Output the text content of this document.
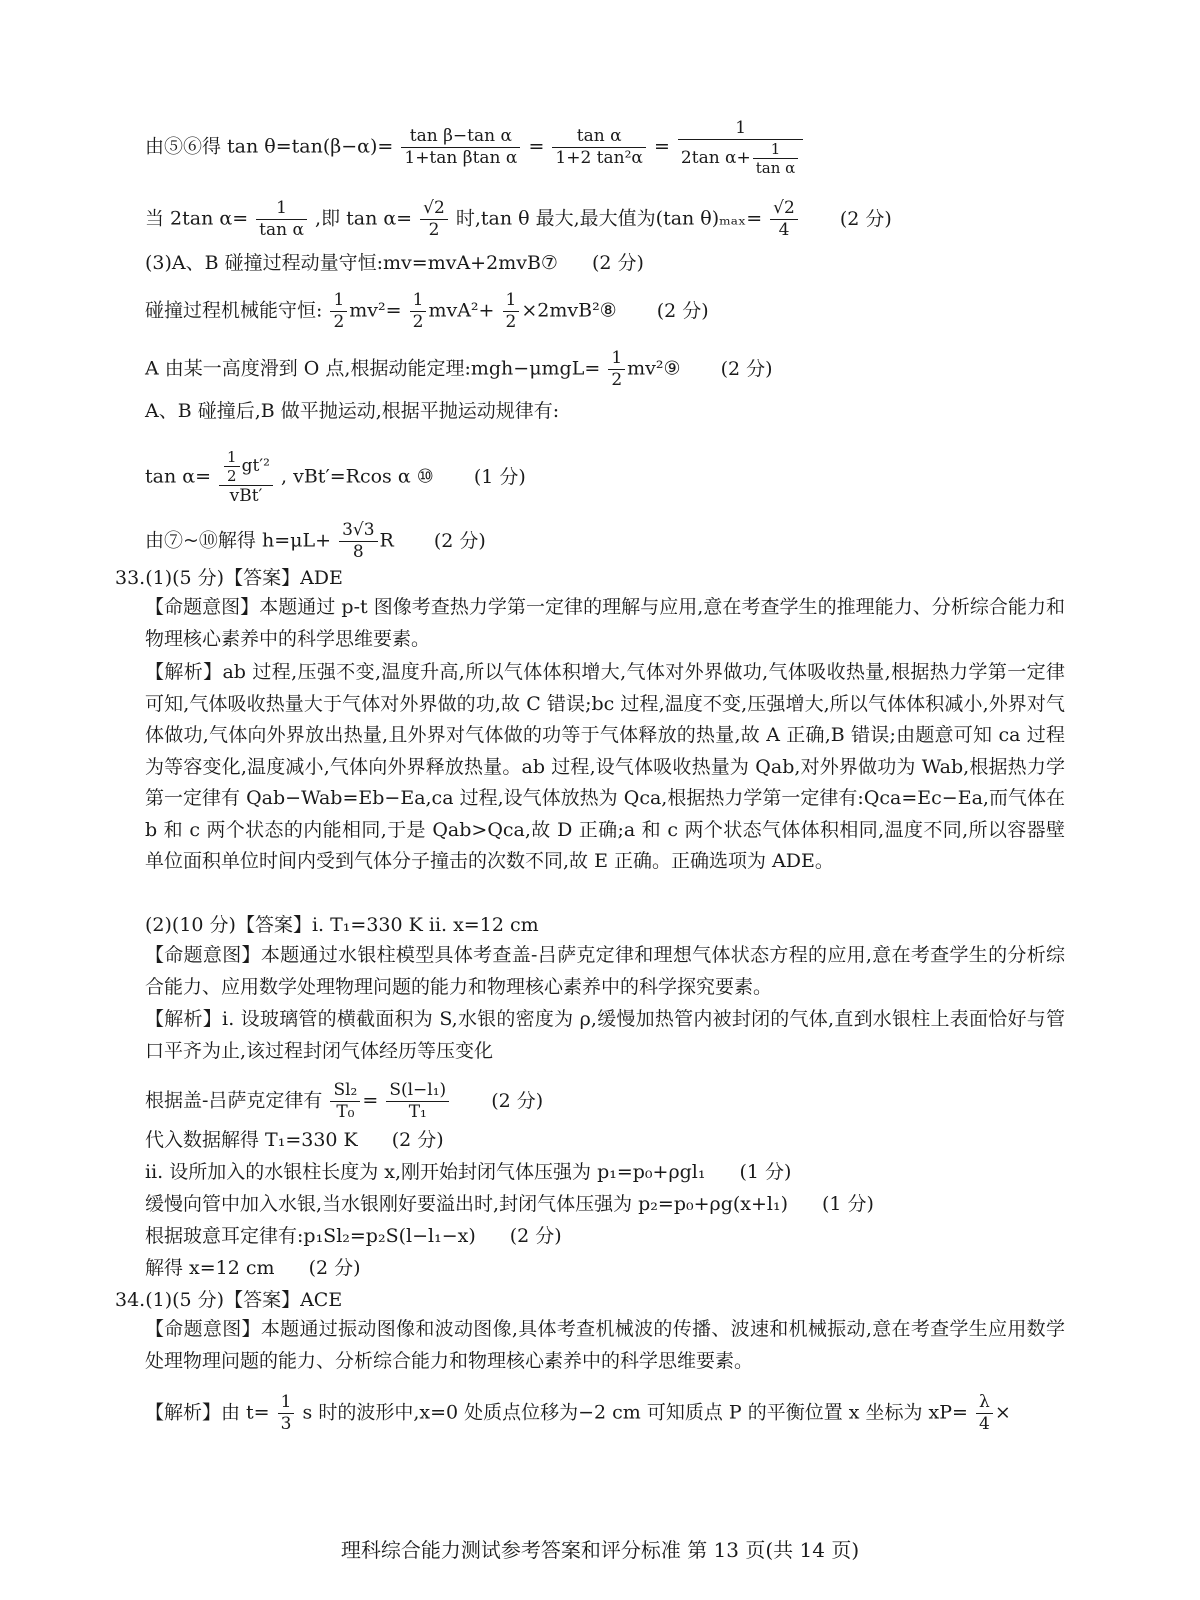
由⑤⑥得 $\tan \theta=\tan(\beta-\alpha)= \frac{\text{tan β−tan α}}{\text{1+tan βtan α}} = \frac{\text{tan α}}{\text{1+2 tan²α}} = \frac{1}{2\tan \alpha+ \frac{1}{\text{tan α}}}$
当 2tan $\alpha= \frac{1}{\text{tan α}}$ ,即 $\tan \alpha= \frac{√2}{2}$ 时,tan θ 最大,最大值为(tan $\theta)_{max}= \frac{√2}{4} (2$ 分)
(3)A、B 碰撞过程动量守恒:mv=mvA+2mvB⑦ (2 分)
碰撞过程机械能守恒: $\frac{1}{2} mv^2= \frac{1}{2} mvA^2+ \frac{1}{2}$ ×2mvB²⑧ (2 分)
A 由某一高度滑到 O 点,根据动能定理:mgh−μmgL= $\frac{1}{2}$ mv²⑨ (2 分)
A、B 碰撞后,B 做平抛运动,根据平抛运动规律有:
$\tan \alpha= \frac{\frac{1}{2} gt'^2}{\text{vBt′}}$ , vBt′=Rcos α ⑩ (1 分)
由⑦~⑩解得 $h=\mu L+ \frac{3√3}{8}$ R (2 分)
33.(1)(5 分)【答案】ADE
【命题意图】本题通过 p-t 图像考查热力学第一定律的理解与应用,意在考查学生的推理能力、分析综合能力和物理核心素养中的科学思维要素。
【解析】ab 过程,压强不变,温度升高,所以气体体积增大,气体对外界做功,气体吸收热量,根据热力学第一定律可知,气体吸收热量大于气体对外界做的功,故 C 错误;bc 过程,温度不变,压强增大,所以气体体积减小,外界对气体做功,气体向外界放出热量,且外界对气体做的功等于气体释放的热量,故 A 正确,B 错误;由题意可知 ca 过程为等容变化,温度减小,气体向外界释放热量。ab 过程,设气体吸收热量为 Qab,对外界做功为 Wab,根据热力学第一定律有 Qab−Wab=Eb−Ea,ca 过程,设气体放热为 Qca,根据热力学第一定律有:Qca=Ec−Ea,而气体在 b 和 c 两个状态的内能相同,于是 Qab>Qca,故 D 正确;a 和 c 两个状态气体体积相同,温度不同,所以容器壁单位面积单位时间内受到气体分子撞击的次数不同,故 E 正确。正确选项为 ADE。
(2)(10 分)【答案】ⅰ. T₁=330 K ⅱ. x=12 cm
【命题意图】本题通过水银柱模型具体考查盖-吕萨克定律和理想气体状态方程的应用,意在考查学生的分析综合能力、应用数学处理物理问题的能力和物理核心素养中的科学探究要素。
【解析】ⅰ. 设玻璃管的横截面积为 S,水银的密度为 ρ,缓慢加热管内被封闭的气体,直到水银柱上表面恰好与管口平齐为止,该过程封闭气体经历等压变化
根据盖-吕萨克定律有 $\frac{\text{Sl₂}}{\text{T₀}} = \frac{\text{S(l−l₁)}}{\text{T₁}} (2$ 分)
代入数据解得 T₁=330 K (2 分)
ⅱ. 设所加入的水银柱长度为 x,刚开始封闭气体压强为 p₁=p₀+ρgl₁ (1 分)
缓慢向管中加入水银,当水银刚好要溢出时,封闭气体压强为 p₂=p₀+ρg(x+l₁) (1 分)
根据玻意耳定律有:p₁Sl₂=p₂S(l−l₁−x) (2 分)
解得 x=12 cm (2 分)
34.(1)(5 分)【答案】ACE
【命题意图】本题通过振动图像和波动图像,具体考查机械波的传播、波速和机械振动,意在考查学生应用数学处理物理问题的能力、分析综合能力和物理核心素养中的科学思维要素。
【解析】由 $t= \frac{1}{3}$ s 时的波形中,x=0 处质点位移为−2 cm 可知质点 P 的平衡位置 x 坐标为 $xP= \frac{\lambda}{4}$ ×
理科综合能力测试参考答案和评分标准 第 13 页(共 14 页)
